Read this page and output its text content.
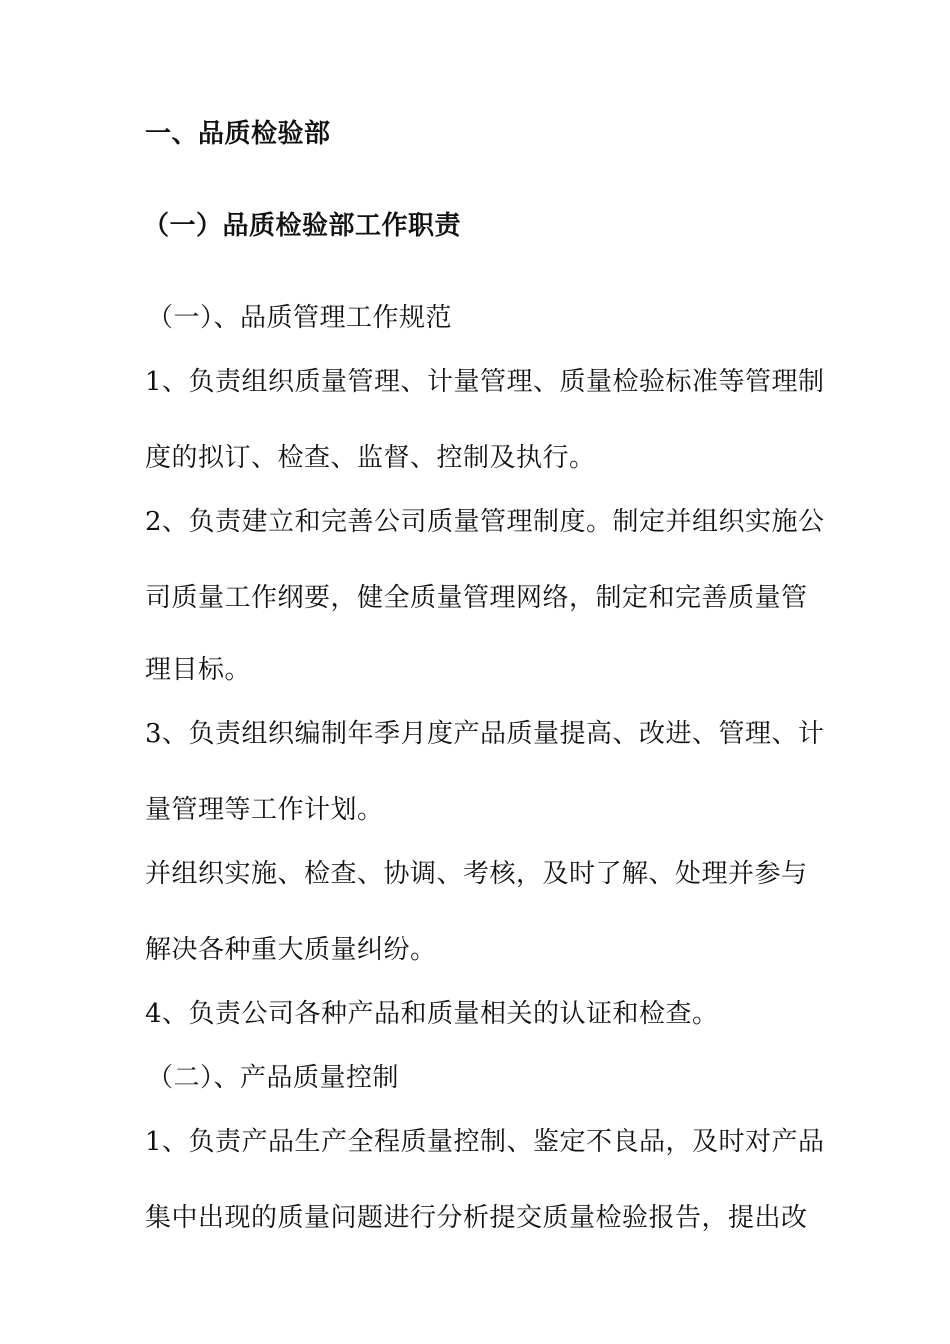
一、品质检验部
（一）品质检验部工作职责
（一）、品质管理工作规范
1、负责组织质量管理、计量管理、质量检验标准等管理制
度的拟订、检查、监督、控制及执行。
2、负责建立和完善公司质量管理制度。制定并组织实施公
司质量工作纲要，健全质量管理网络，制定和完善质量管
理目标。
3、负责组织编制年季月度产品质量提高、改进、管理、计
量管理等工作计划。
并组织实施、检查、协调、考核，及时了解、处理并参与
解决各种重大质量纠纷。
4、负责公司各种产品和质量相关的认证和检查。
（二）、产品质量控制
1、负责产品生产全程质量控制、鉴定不良品，及时对产品
集中出现的质量问题进行分析提交质量检验报告，提出改
